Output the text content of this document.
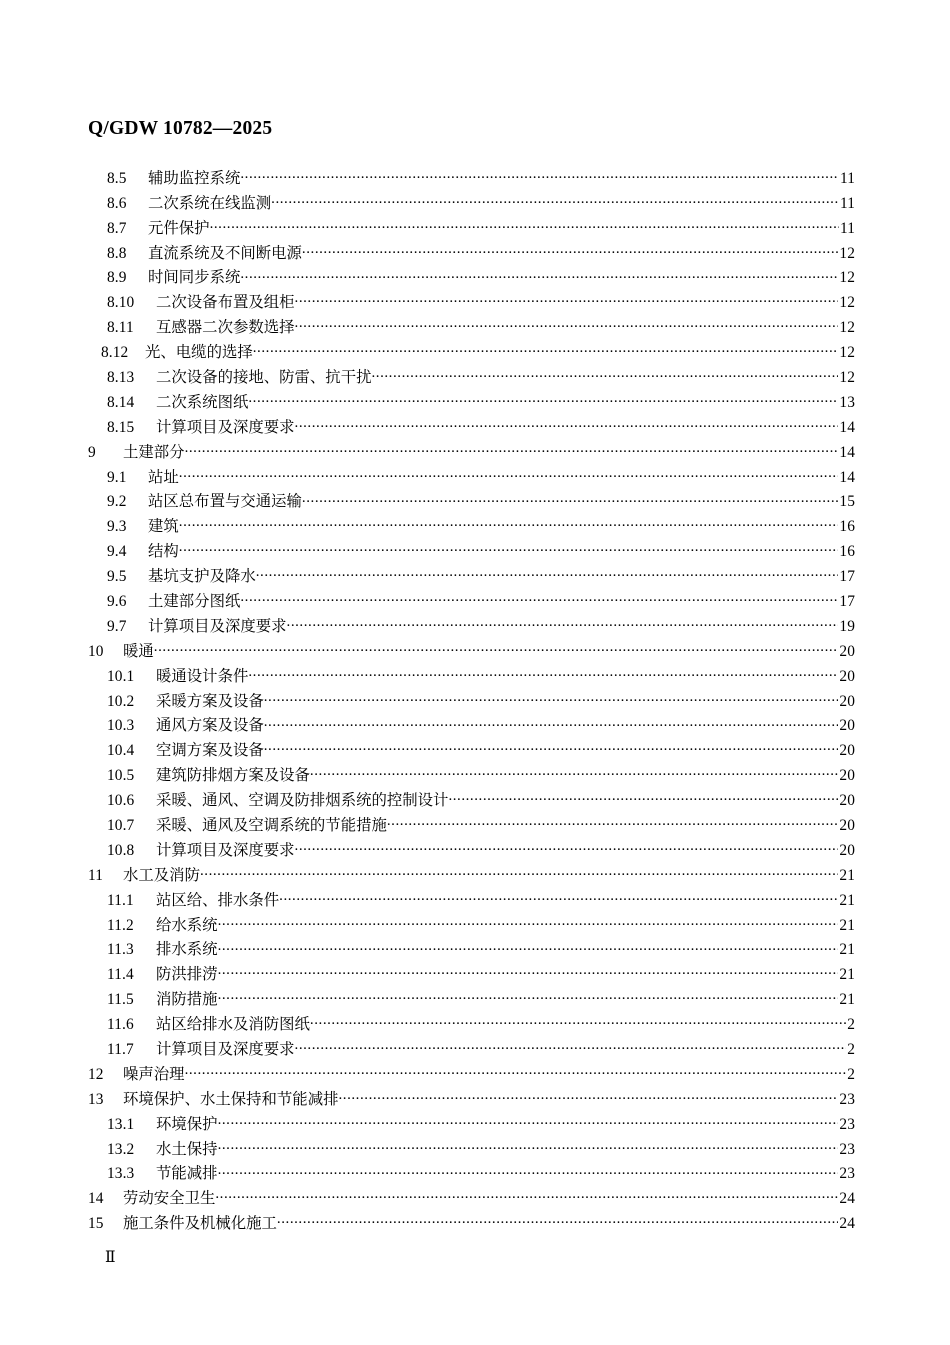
Q/GDW 10782—2025
8.5	辅助监控系统 .....	11
8.6	二次系统在线监测 .....	11
8.7	元件保护 .....	11
8.8	直流系统及不间断电源 .....	12
8.9	时间同步系统 .....	12
8.10	二次设备布置及组柜 .....	12
8.11	互感器二次参数选择 .....	12
8.12	光、电缆的选择 .....	12
8.13	二次设备的接地、防雷、抗干扰 .....	12
8.14	二次系统图纸 .....	13
8.15	计算项目及深度要求 .....	14
9	土建部分 .....	14
9.1	站址 .....	14
9.2	站区总布置与交通运输 .....	15
9.3	建筑 .....	16
9.4	结构 .....	16
9.5	基坑支护及降水 .....	17
9.6	土建部分图纸 .....	17
9.7	计算项目及深度要求 .....	19
10	暖通 .....	20
10.1	暖通设计条件 .....	20
10.2	采暖方案及设备 .....	20
10.3	通风方案及设备 .....	20
10.4	空调方案及设备 .....	20
10.5	建筑防排烟方案及设备 .....	20
10.6	采暖、通风、空调及防排烟系统的控制设计 .....	20
10.7	采暖、通风及空调系统的节能措施 .....	20
10.8	计算项目及深度要求 .....	20
11	水工及消防 .....	21
11.1	站区给、排水条件 .....	21
11.2	给水系统 .....	21
11.3	排水系统 .....	21
11.4	防洪排涝 .....	21
11.5	消防措施 .....	21
11.6	站区给排水及消防图纸 .....	2
11.7	计算项目及深度要求 .....	2
12	噪声治理 .....	2
13	环境保护、水土保持和节能减排 .....	23
13.1	环境保护 .....	23
13.2	水土保持 .....	23
13.3	节能减排 .....	23
14	劳动安全卫生 .....	24
15	施工条件及机械化施工 .....	24
Ⅱ
